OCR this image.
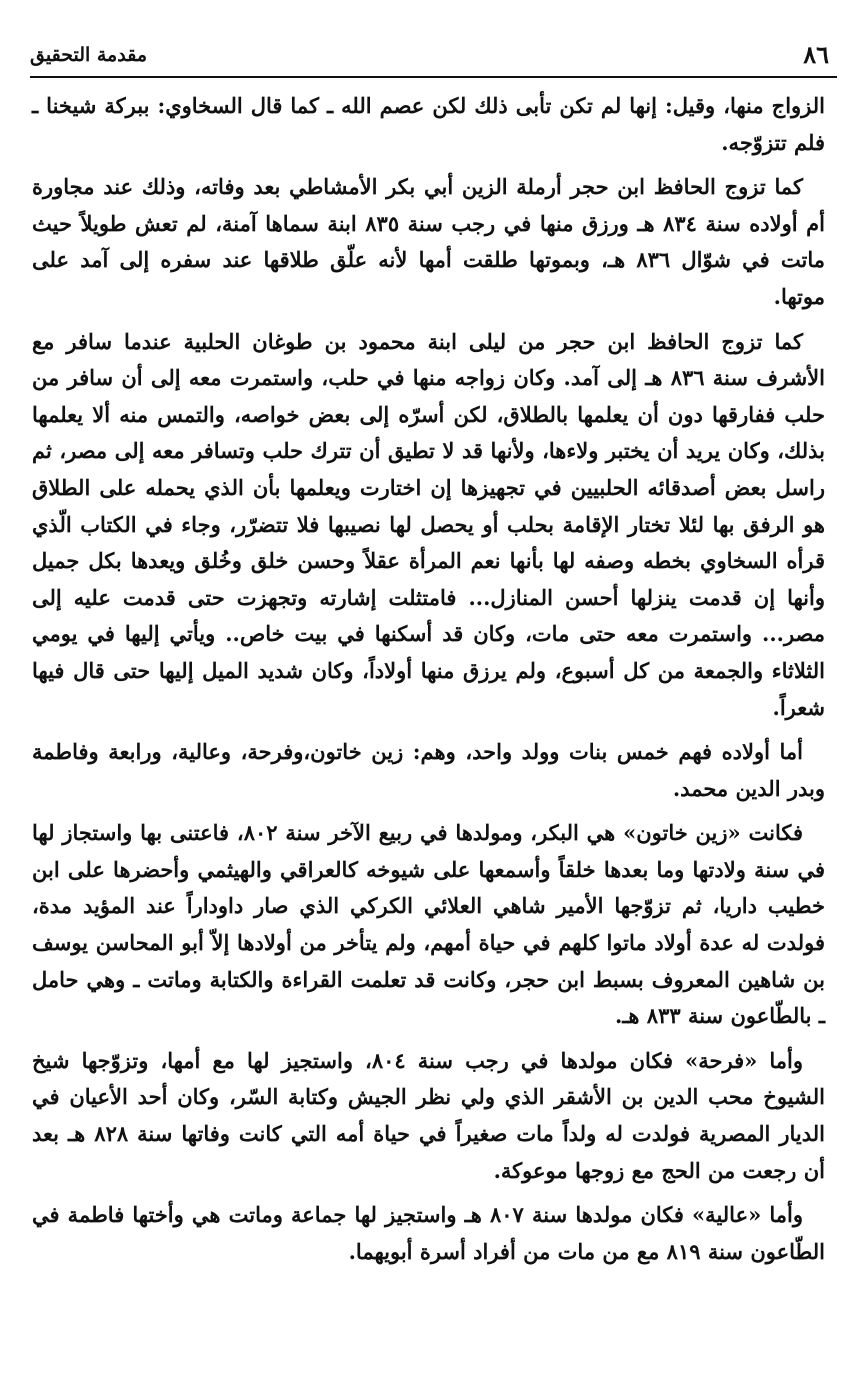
مقدمة التحقيق	٨٦

الزواج منها، وقيل: إنها لم تكن تأبى ذلك لكن عصم الله ـ كما قال السخاوي: ببركة شيخنا ـ فلم تتزوّجه.

كما تزوج الحافظ ابن حجر أرملة الزين أبي بكر الأمشاطي بعد وفاته، وذلك عند مجاورة أم أولاده سنة ٨٣٤ هـ ورزق منها في رجب سنة ٨٣٥ ابنة سماها آمنة، لم تعش طويلاً حيث ماتت في شوّال ٨٣٦ هـ، وبموتها طلقت أمها لأنه علّق طلاقها عند سفره إلى آمد على موتها.

كما تزوج الحافظ ابن حجر من ليلى ابنة محمود بن طوغان الحلبية عندما سافر مع الأشرف سنة ٨٣٦ هـ إلى آمد. وكان زواجه منها في حلب، واستمرت معه إلى أن سافر من حلب ففارقها دون أن يعلمها بالطلاق، لكن أسرّه إلى بعض خواصه، والتمس منه ألا يعلمها بذلك، وكان يريد أن يختبر ولاءها، ولأنها قد لا تطيق أن تترك حلب وتسافر معه إلى مصر، ثم راسل بعض أصدقائه الحلبيين في تجهيزها إن اختارت ويعلمها بأن الذي يحمله على الطلاق هو الرفق بها لئلا تختار الإقامة بحلب أو يحصل لها نصيبها فلا تتضرّر، وجاء في الكتاب الّذي قرأه السخاوي بخطه وصفه لها بأنها نعم المرأة عقلاً وحسن خلق وخُلق ويعدها بكل جميل وأنها إن قدمت ينزلها أحسن المنازل... فامتثلت إشارته وتجهزت حتى قدمت عليه إلى مصر... واستمرت معه حتى مات، وكان قد أسكنها في بيت خاص.. ويأتي إليها في يومي الثلاثاء والجمعة من كل أسبوع، ولم يرزق منها أولاداً، وكان شديد الميل إليها حتى قال فيها شعراً.

أما أولاده فهم خمس بنات وولد واحد، وهم: زين خاتون،وفرحة، وعالية، ورابعة وفاطمة وبدر الدين محمد.

فكانت «زين خاتون» هي البكر، ومولدها في ربيع الآخر سنة ٨٠٢، فاعتنى بها واستجاز لها في سنة ولادتها وما بعدها خلقاً وأسمعها على شيوخه كالعراقي والهيثمي وأحضرها على ابن خطيب داريا، ثم تزوّجها الأمير شاهي العلائي الكركي الذي صار داوداراً عند المؤيد مدة، فولدت له عدة أولاد ماتوا كلهم في حياة أمهم، ولم يتأخر من أولادها إلاّ أبو المحاسن يوسف بن شاهين المعروف بسبط ابن حجر، وكانت قد تعلمت القراءة والكتابة وماتت ـ وهي حامل ـ بالطّاعون سنة ٨٣٣ هـ.

وأما «فرحة» فكان مولدها في رجب سنة ٨٠٤، واستجيز لها مع أمها، وتزوّجها شيخ الشيوخ محب الدين بن الأشقر الذي ولي نظر الجيش وكتابة السّر، وكان أحد الأعيان في الديار المصرية فولدت له ولداً مات صغيراً في حياة أمه التي كانت وفاتها سنة ٨٢٨ هـ بعد أن رجعت من الحج مع زوجها موعوكة.

وأما «عالية» فكان مولدها سنة ٨٠٧ هـ واستجيز لها جماعة وماتت هي وأختها فاطمة في الطّاعون سنة ٨١٩ مع من مات من أفراد أسرة أبويهما.
